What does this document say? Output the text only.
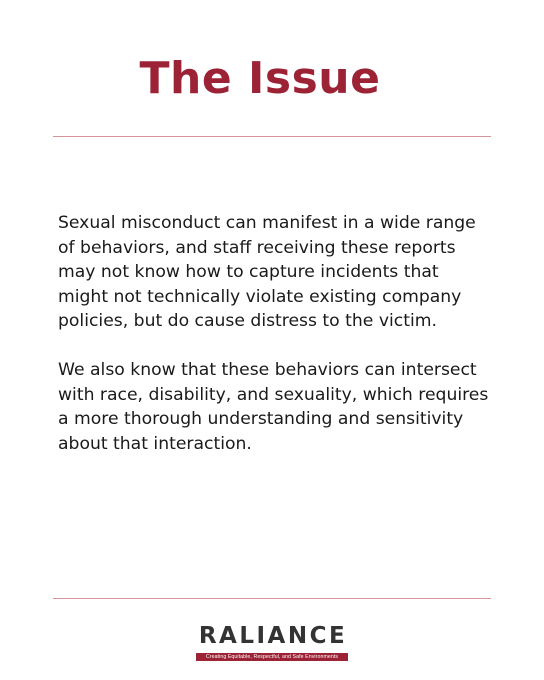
The Issue

Sexual misconduct can manifest in a wide range of behaviors, and staff receiving these reports may not know how to capture incidents that might not technically violate existing company policies, but do cause distress to the victim.

We also know that these behaviors can intersect with race, disability, and sexuality, which requires a more thorough understanding and sensitivity about that interaction.

RALIANCE
Creating Equitable, Respectful, and Safe Environments
